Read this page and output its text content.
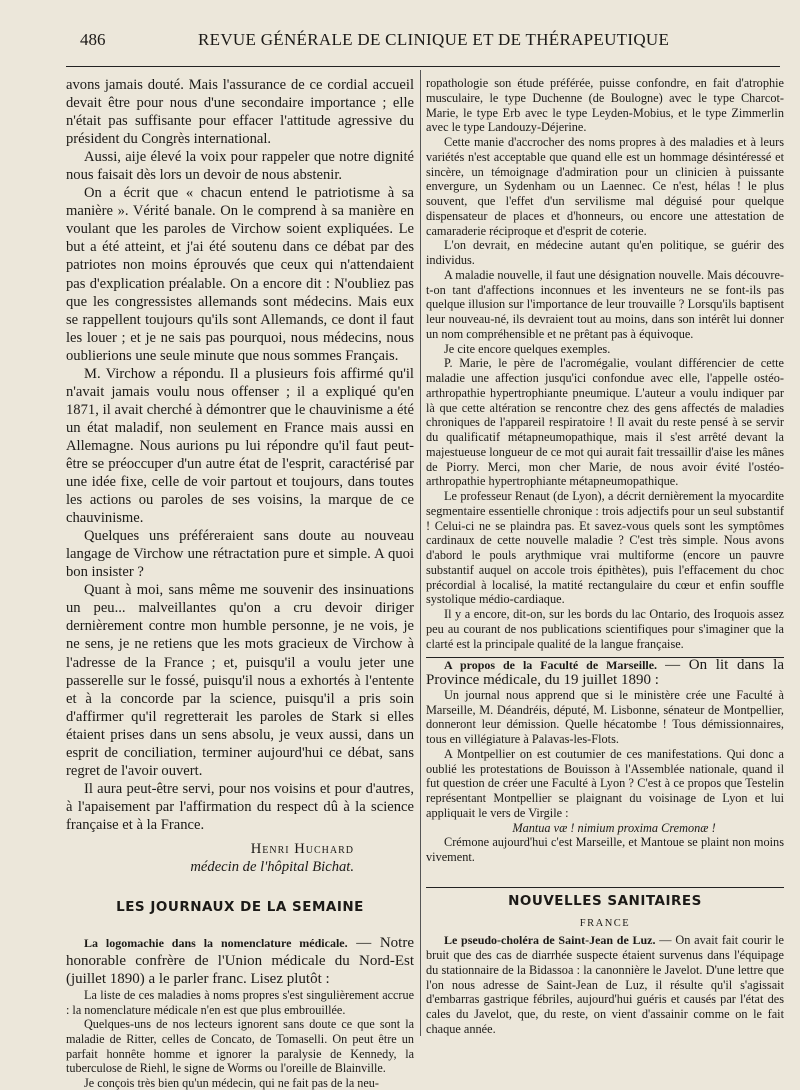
486	REVUE GÉNÉRALE DE CLINIQUE ET DE THÉRAPEUTIQUE

avons jamais douté. Mais l'assurance de ce cordial accueil devait être pour nous d'une secondaire importance ; elle n'était pas suffisante pour effacer l'attitude agressive du président du Congrès international.

Aussi, aije élevé la voix pour rappeler que notre dignité nous faisait dès lors un devoir de nous abstenir.

On a écrit que « chacun entend le patriotisme à sa manière ». Vérité banale. On le comprend à sa manière en voulant que les paroles de Virchow soient expliquées. Le but a été atteint, et j'ai été soutenu dans ce débat par des patriotes non moins éprouvés que ceux qui n'attendaient pas d'explication préalable. On a encore dit : N'oubliez pas que les congressistes allemands sont médecins. Mais eux se rappellent toujours qu'ils sont Allemands, ce dont il faut les louer ; et je ne sais pas pourquoi, nous médecins, nous oublierions une seule minute que nous sommes Français.

M. Virchow a répondu. Il a plusieurs fois affirmé qu'il n'avait jamais voulu nous offenser ; il a expliqué qu'en 1871, il avait cherché à démontrer que le chauvinisme a été un état maladif, non seulement en France mais aussi en Allemagne. Nous aurions pu lui répondre qu'il faut peut-être se préoccuper d'un autre état de l'esprit, caractérisé par une idée fixe, celle de voir partout et toujours, dans toutes les actions ou paroles de ses voisins, la marque de ce chauvinisme.

Quelques uns préféreraient sans doute au nouveau langage de Virchow une rétractation pure et simple. A quoi bon insister ?

Quant à moi, sans même me souvenir des insinuations un peu... malveillantes qu'on a cru devoir diriger dernièrement contre mon humble personne, je ne vois, je ne sens, je ne retiens que les mots gracieux de Virchow à l'adresse de la France ; et, puisqu'il a voulu jeter une passerelle sur le fossé, puisqu'il nous a exhortés à l'entente et à la concorde par la science, puisqu'il a pris soin d'affirmer qu'il regretterait les paroles de Stark si elles étaient prises dans un sens absolu, je veux aussi, dans un esprit de conciliation, terminer aujourd'hui ce débat, sans regret de l'avoir ouvert.

Il aura peut-être servi, pour nos voisins et pour d'autres, à l'apaisement par l'affirmation du respect dû à la science française et à la France.

Henri Huchard
médecin de l'hôpital Bichat.
LES JOURNAUX DE LA SEMAINE

La logomachie dans la nomenclature médicale. — Notre honorable confrère de l'Union médicale du Nord-Est (juillet 1890) a le parler franc. Lisez plutôt :

La liste de ces maladies à noms propres s'est singulièrement accrue : la nomenclature médicale n'en est que plus embrouillée.

Quelques-uns de nos lecteurs ignorent sans doute ce que sont la maladie de Ritter, celles de Concato, de Tomaselli. On peut être un parfait honnête homme et ignorer la paralysie de Kennedy, la tuberculose de Riehl, le signe de Worms ou l'oreille de Blainville.

Je conçois très bien qu'un médecin, qui ne fait pas de la neu-

ropathologie son étude préférée, puisse confondre, en fait d'atrophie musculaire, le type Duchenne (de Boulogne) avec le type Charcot-Marie, le type Erb avec le type Leyden-Mobius, et le type Zimmerlin avec le type Landouzy-Déjerine.

Cette manie d'accrocher des noms propres à des maladies et à leurs variétés n'est acceptable que quand elle est un hommage désintéressé et sincère, un témoignage d'admiration pour un clinicien à puissante envergure, un Sydenham ou un Laennec. Ce n'est, hélas ! le plus souvent, que l'effet d'un servilisme mal déguisé pour quelque dispensateur de places et d'honneurs, ou encore une attestation de camaraderie réciproque et d'esprit de coterie.

L'on devrait, en médecine autant qu'en politique, se guérir des individus.

A maladie nouvelle, il faut une désignation nouvelle. Mais découvre-t-on tant d'affections inconnues et les inventeurs ne se font-ils pas quelque illusion sur l'importance de leur trouvaille ? Lorsqu'ils baptisent leur nouveau-né, ils devraient tout au moins, dans son intérêt lui donner un nom compréhensible et ne prêtant pas à équivoque.

Je cite encore quelques exemples.

P. Marie, le père de l'acromégalie, voulant différencier de cette maladie une affection jusqu'ici confondue avec elle, l'appelle ostéo-arthropathie hypertrophiante pneumique. L'auteur a voulu indiquer par là que cette altération se rencontre chez des gens affectés de maladies chroniques de l'appareil respiratoire ! Il avait du reste pensé à se servir du qualificatif métapneumopathique, mais il s'est arrêté devant la majestueuse longueur de ce mot qui aurait fait tressaillir d'aise les mânes de Piorry. Merci, mon cher Marie, de nous avoir évité l'ostéo-arthropathie hypertrophiante métapneumopathique.

Le professeur Renaut (de Lyon), a décrit dernièrement la myocardite segmentaire essentielle chronique : trois adjectifs pour un seul substantif ! Celui-ci ne se plaindra pas. Et savez-vous quels sont les symptômes cardinaux de cette nouvelle maladie ? C'est très simple. Nous avons d'abord le pouls arythmique vrai multiforme (encore un pauvre substantif auquel on accole trois épithètes), puis l'effacement du choc précordial à localisé, la matité rectangulaire du cœur et enfin souffle systolique médio-cardiaque.

Il y a encore, dit-on, sur les bords du lac Ontario, des Iroquois assez peu au courant de nos publications scientifiques pour s'imaginer que la clarté est la principale qualité de la langue française.

A propos de la Faculté de Marseille. — On lit dans la Province médicale, du 19 juillet 1890 :

Un journal nous apprend que si le ministère crée une Faculté à Marseille, M. Déandréis, député, M. Lisbonne, sénateur de Montpellier, donneront leur démission. Quelle hécatombe ! Tous démissionnaires, tous en villégiature à Palavas-les-Flots.

A Montpellier on est coutumier de ces manifestations. Qui donc a oublié les protestations de Bouisson à l'Assemblée nationale, quand il fut question de créer une Faculté à Lyon ? C'est à ce propos que Testelin représentant Montpellier se plaignant du voisinage de Lyon et lui appliquait le vers de Virgile :

Mantua væ ! nimium proxima Cremonæ !

Crémone aujourd'hui c'est Marseille, et Mantoue se plaint non moins vivement.

NOUVELLES SANITAIRES
FRANCE

Le pseudo-choléra de Saint-Jean de Luz. — On avait fait courir le bruit que des cas de diarrhée suspecte étaient survenus dans l'équipage du stationnaire de la Bidassoa : la canonnière le Javelot. D'une lettre que l'on nous adresse de Saint-Jean de Luz, il résulte qu'il s'agissait d'embarras gastrique fébriles, aujourd'hui guéris et causés par l'état des cales du Javelot, que, du reste, on vient d'assainir comme on le fait chaque année.
